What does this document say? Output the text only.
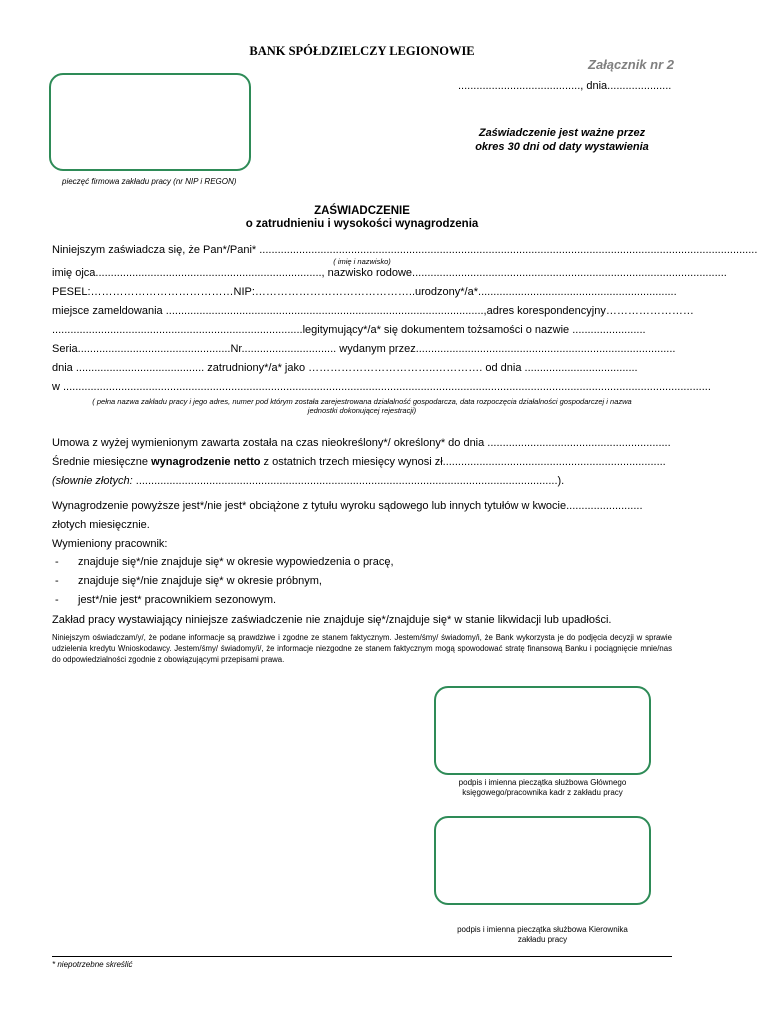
BANK SPÓŁDZIELCZY LEGIONOWIE
Załącznik nr 2
pieczęć firmowa zakładu pracy (nr NIP i REGON)
........................................, dnia.....................
Zaświadczenie jest ważne przez
okres 30 dni od daty wystawienia
ZAŚWIADCZENIE
o zatrudnieniu i wysokości wynagrodzenia
Niniejszym zaświadcza się, że Pan*/Pani* ...................................................................................................................................................................
( imię i nazwisko)
imię ojca.........................................................................., nazwisko rodowe.......................................................................................................
PESEL:…………………………………NIP:……………………………………..urodzony*/a*.................................................................
miejsce zameldowania ........................................................................................................,adres korespondencyjny……………………
..................................................................................legitymujący*/a* się dokumentem tożsamości o nazwie ........................
Seria..................................................Nr............................... wydanym przez.....................................................................................
dnia .......................................... zatrudniony*/a* jako ……………………………..…………. od dnia .....................................
w ....................................................................................................................................................................................................................
( pełna nazwa zakładu pracy i jego adres, numer pod którym została zarejestrowana działalność gospodarcza, data rozpoczęcia działalności gospodarczej i nazwa
jednostki dokonującej rejestracji)
Umowa z wyżej wymienionym zawarta została na czas nieokreślony*/ określony* do dnia ............................................................
Średnie miesięczne wynagrodzenie netto z ostatnich trzech miesięcy wynosi zł.........................................................................
(słownie złotych: ..........................................................................................................................................).
Wynagrodzenie powyższe jest*/nie jest* obciążone z tytułu wyroku sądowego lub innych tytułów w kwocie.........................
złotych miesięcznie.
Wymieniony pracownik:
- znajduje się*/nie znajduje się* w okresie wypowiedzenia o pracę,
- znajduje się*/nie znajduje się* w okresie próbnym,
- jest*/nie jest* pracownikiem sezonowym.
Zakład pracy wystawiający niniejsze zaświadczenie nie znajduje się*/znajduje się* w stanie likwidacji lub upadłości.
Niniejszym oświadczam/y/, że podane informacje są prawdziwe i zgodne ze stanem faktycznym. Jestem/śmy/ świadomy/i, że Bank wykorzysta je do podjęcia decyzji w sprawie udzielenia kredytu Wnioskodawcy. Jestem/śmy/ świadomy/i/, że informacje niezgodne ze stanem faktycznym mogą spowodować stratę finansową Banku i pociągnięcie mnie/nas do odpowiedzialności zgodnie z obowiązującymi przepisami prawa.
podpis i imienna pieczątka służbowa Głównego
księgowego/pracownika kadr z zakładu pracy
podpis i imienna pieczątka służbowa Kierownika
zakładu pracy
* niepotrzebne skreślić
